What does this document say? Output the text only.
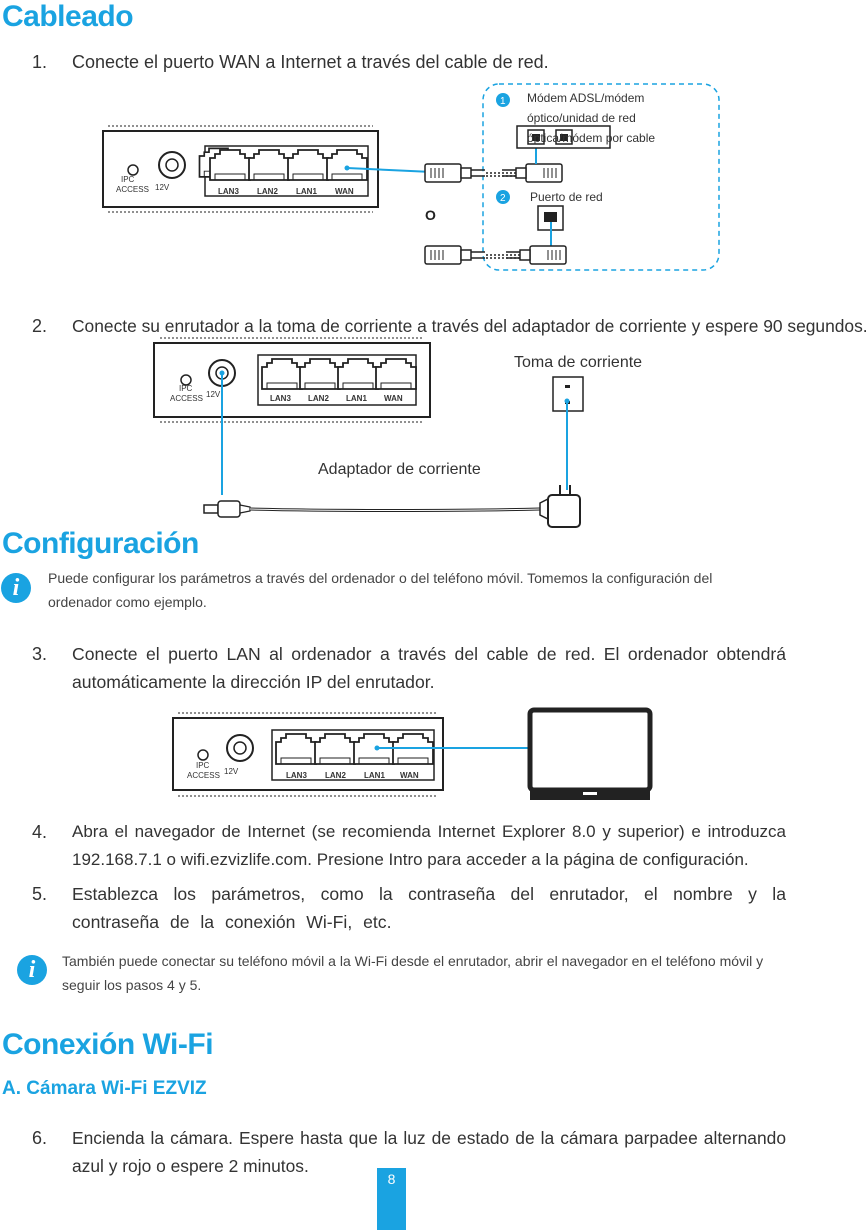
Cableado
1. Conecte el puerto WAN a Internet a través del cable de red.
IPC
ACCESS 12V	LAN3 LAN2 LAN1 WAN
O
1
2
Módem ADSL/módem óptico/unidad de red óptica/módem por cable
Puerto de red
2. Conecte su enrutador a la toma de corriente a través del adaptador de corriente y espere 90 segundos.
IPC
ACCESS 12V	LAN3 LAN2 LAN1 WAN
Toma de corriente
Adaptador de corriente
Configuración
i	Puede configurar los parámetros a través del ordenador o del teléfono móvil. Tomemos la configuración del ordenador como ejemplo.
3. Conecte el puerto LAN al ordenador a través del cable de red. El ordenador obtendrá automáticamente la dirección IP del enrutador.
IPC
ACCESS 12V	LAN3 LAN2 LAN1 WAN
4. Abra el navegador de Internet (se recomienda Internet Explorer 8.0 y superior) e introduzca 192.168.7.1 o wifi.ezvizlife.com. Presione Intro para acceder a la página de configuración.
5. Establezca los parámetros, como la contraseña del enrutador, el nombre y la contraseña de la conexión Wi-Fi, etc.
i	También puede conectar su teléfono móvil a la Wi-Fi desde el enrutador, abrir el navegador en el teléfono móvil y seguir los pasos 4 y 5.
Conexión Wi-Fi
A. Cámara Wi-Fi EZVIZ
6. Encienda la cámara. Espere hasta que la luz de estado de la cámara parpadee alternando azul y rojo o espere 2 minutos.
8
